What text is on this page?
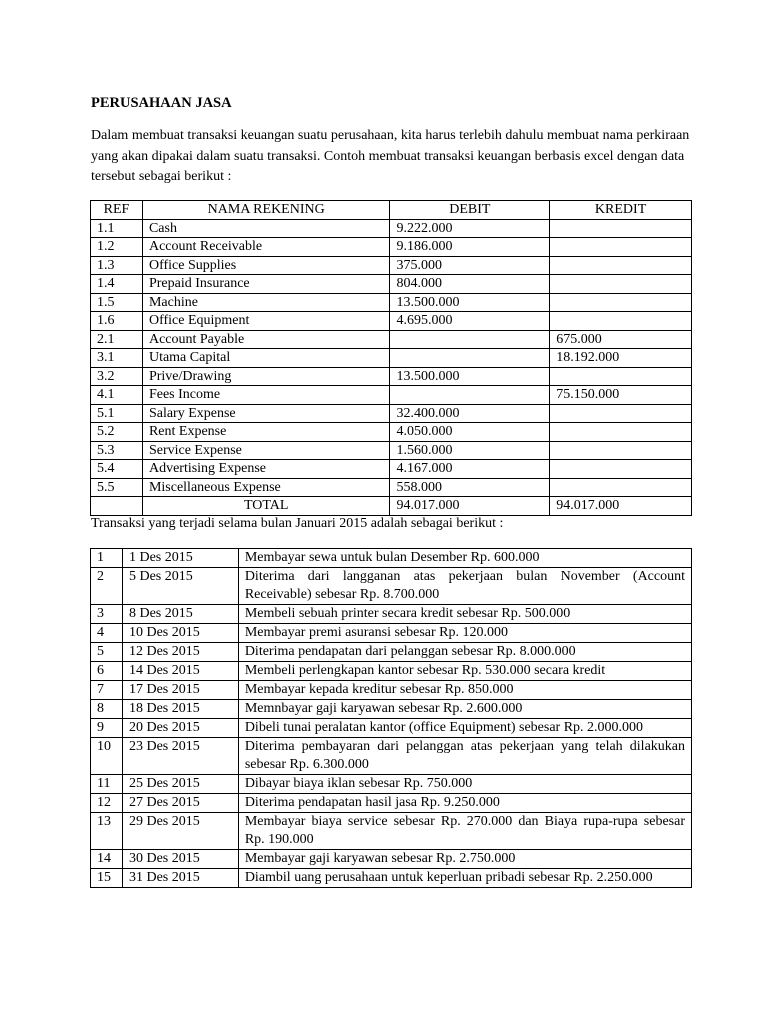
PERUSAHAAN JASA
Dalam membuat transaksi keuangan suatu perusahaan, kita harus terlebih dahulu membuat nama perkiraan yang akan dipakai dalam suatu transaksi. Contoh membuat transaksi keuangan berbasis excel dengan data tersebut sebagai berikut :
REF	NAMA REKENING	DEBIT	KREDIT
1.1	Cash	9.222.000	
1.2	Account Receivable	9.186.000	
1.3	Office Supplies	375.000	
1.4	Prepaid Insurance	804.000	
1.5	Machine	13.500.000	
1.6	Office Equipment	4.695.000	
2.1	Account Payable		675.000
3.1	Utama Capital		18.192.000
3.2	Prive/Drawing	13.500.000	
4.1	Fees Income		75.150.000
5.1	Salary Expense	32.400.000	
5.2	Rent Expense	4.050.000	
5.3	Service Expense	1.560.000	
5.4	Advertising Expense	4.167.000	
5.5	Miscellaneous Expense	558.000	
	TOTAL	94.017.000	94.017.000
Transaksi yang terjadi selama bulan Januari 2015 adalah sebagai berikut :
1	1 Des 2015	Membayar sewa untuk bulan Desember Rp. 600.000
2	5 Des 2015	Diterima dari langganan atas pekerjaan bulan November (Account Receivable) sebesar Rp. 8.700.000
3	8 Des 2015	Membeli sebuah printer secara kredit sebesar Rp. 500.000
4	10 Des 2015	Membayar premi asuransi sebesar Rp. 120.000
5	12 Des 2015	Diterima pendapatan dari pelanggan sebesar Rp. 8.000.000
6	14 Des 2015	Membeli perlengkapan kantor sebesar Rp. 530.000 secara kredit
7	17 Des 2015	Membayar kepada kreditur sebesar Rp. 850.000
8	18 Des 2015	Memnbayar gaji karyawan sebesar Rp. 2.600.000
9	20 Des 2015	Dibeli tunai peralatan kantor (office Equipment) sebesar Rp. 2.000.000
10	23 Des 2015	Diterima pembayaran dari pelanggan atas pekerjaan yang telah dilakukan sebesar Rp. 6.300.000
11	25 Des 2015	Dibayar biaya iklan sebesar Rp. 750.000
12	27 Des 2015	Diterima pendapatan hasil jasa Rp. 9.250.000
13	29 Des 2015	Membayar biaya service sebesar Rp. 270.000 dan Biaya rupa-rupa sebesar Rp. 190.000
14	30 Des 2015	Membayar gaji karyawan sebesar Rp. 2.750.000
15	31 Des 2015	Diambil uang perusahaan untuk keperluan pribadi sebesar Rp. 2.250.000
